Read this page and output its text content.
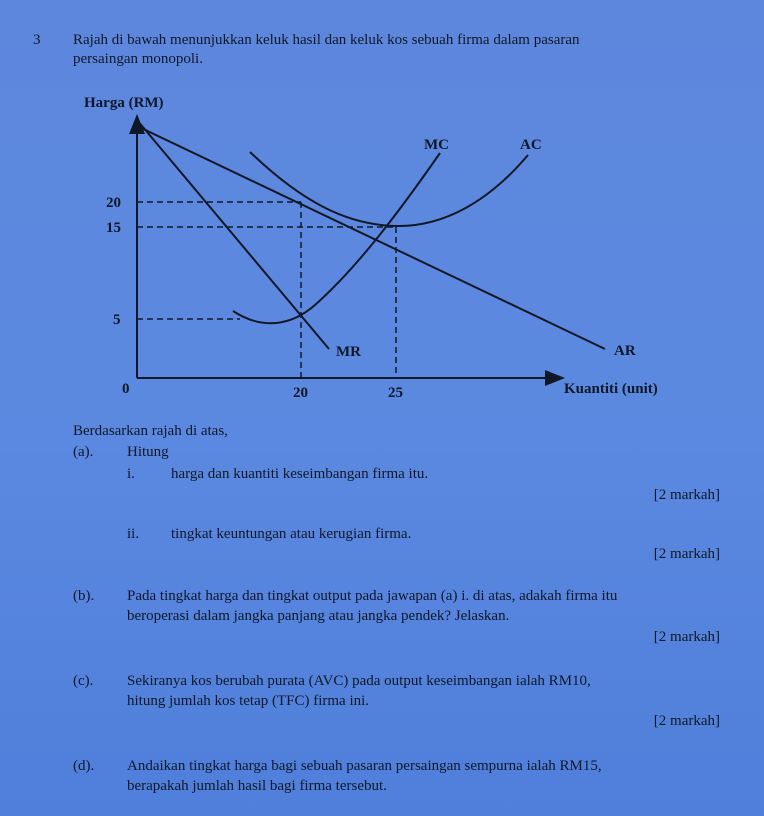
3 Rajah di bawah menunjukkan keluk hasil dan keluk kos sebuah firma dalam pasaran
persaingan monopoli.
Harga (RM)
Kuantiti (unit)
0
20
15
5
20	25
MC	AC
MR	AR
Berdasarkan rajah di atas,
(a). Hitung
i. harga dan kuantiti keseimbangan firma itu.
[2 markah]
ii. tingkat keuntungan atau kerugian firma.
[2 markah]
(b). Pada tingkat harga dan tingkat output pada jawapan (a) i. di atas, adakah firma itu
beroperasi dalam jangka panjang atau jangka pendek? Jelaskan.
[2 markah]
(c). Sekiranya kos berubah purata (AVC) pada output keseimbangan ialah RM10,
hitung jumlah kos tetap (TFC) firma ini.
[2 markah]
(d). Andaikan tingkat harga bagi sebuah pasaran persaingan sempurna ialah RM15,
berapakah jumlah hasil bagi firma tersebut.
